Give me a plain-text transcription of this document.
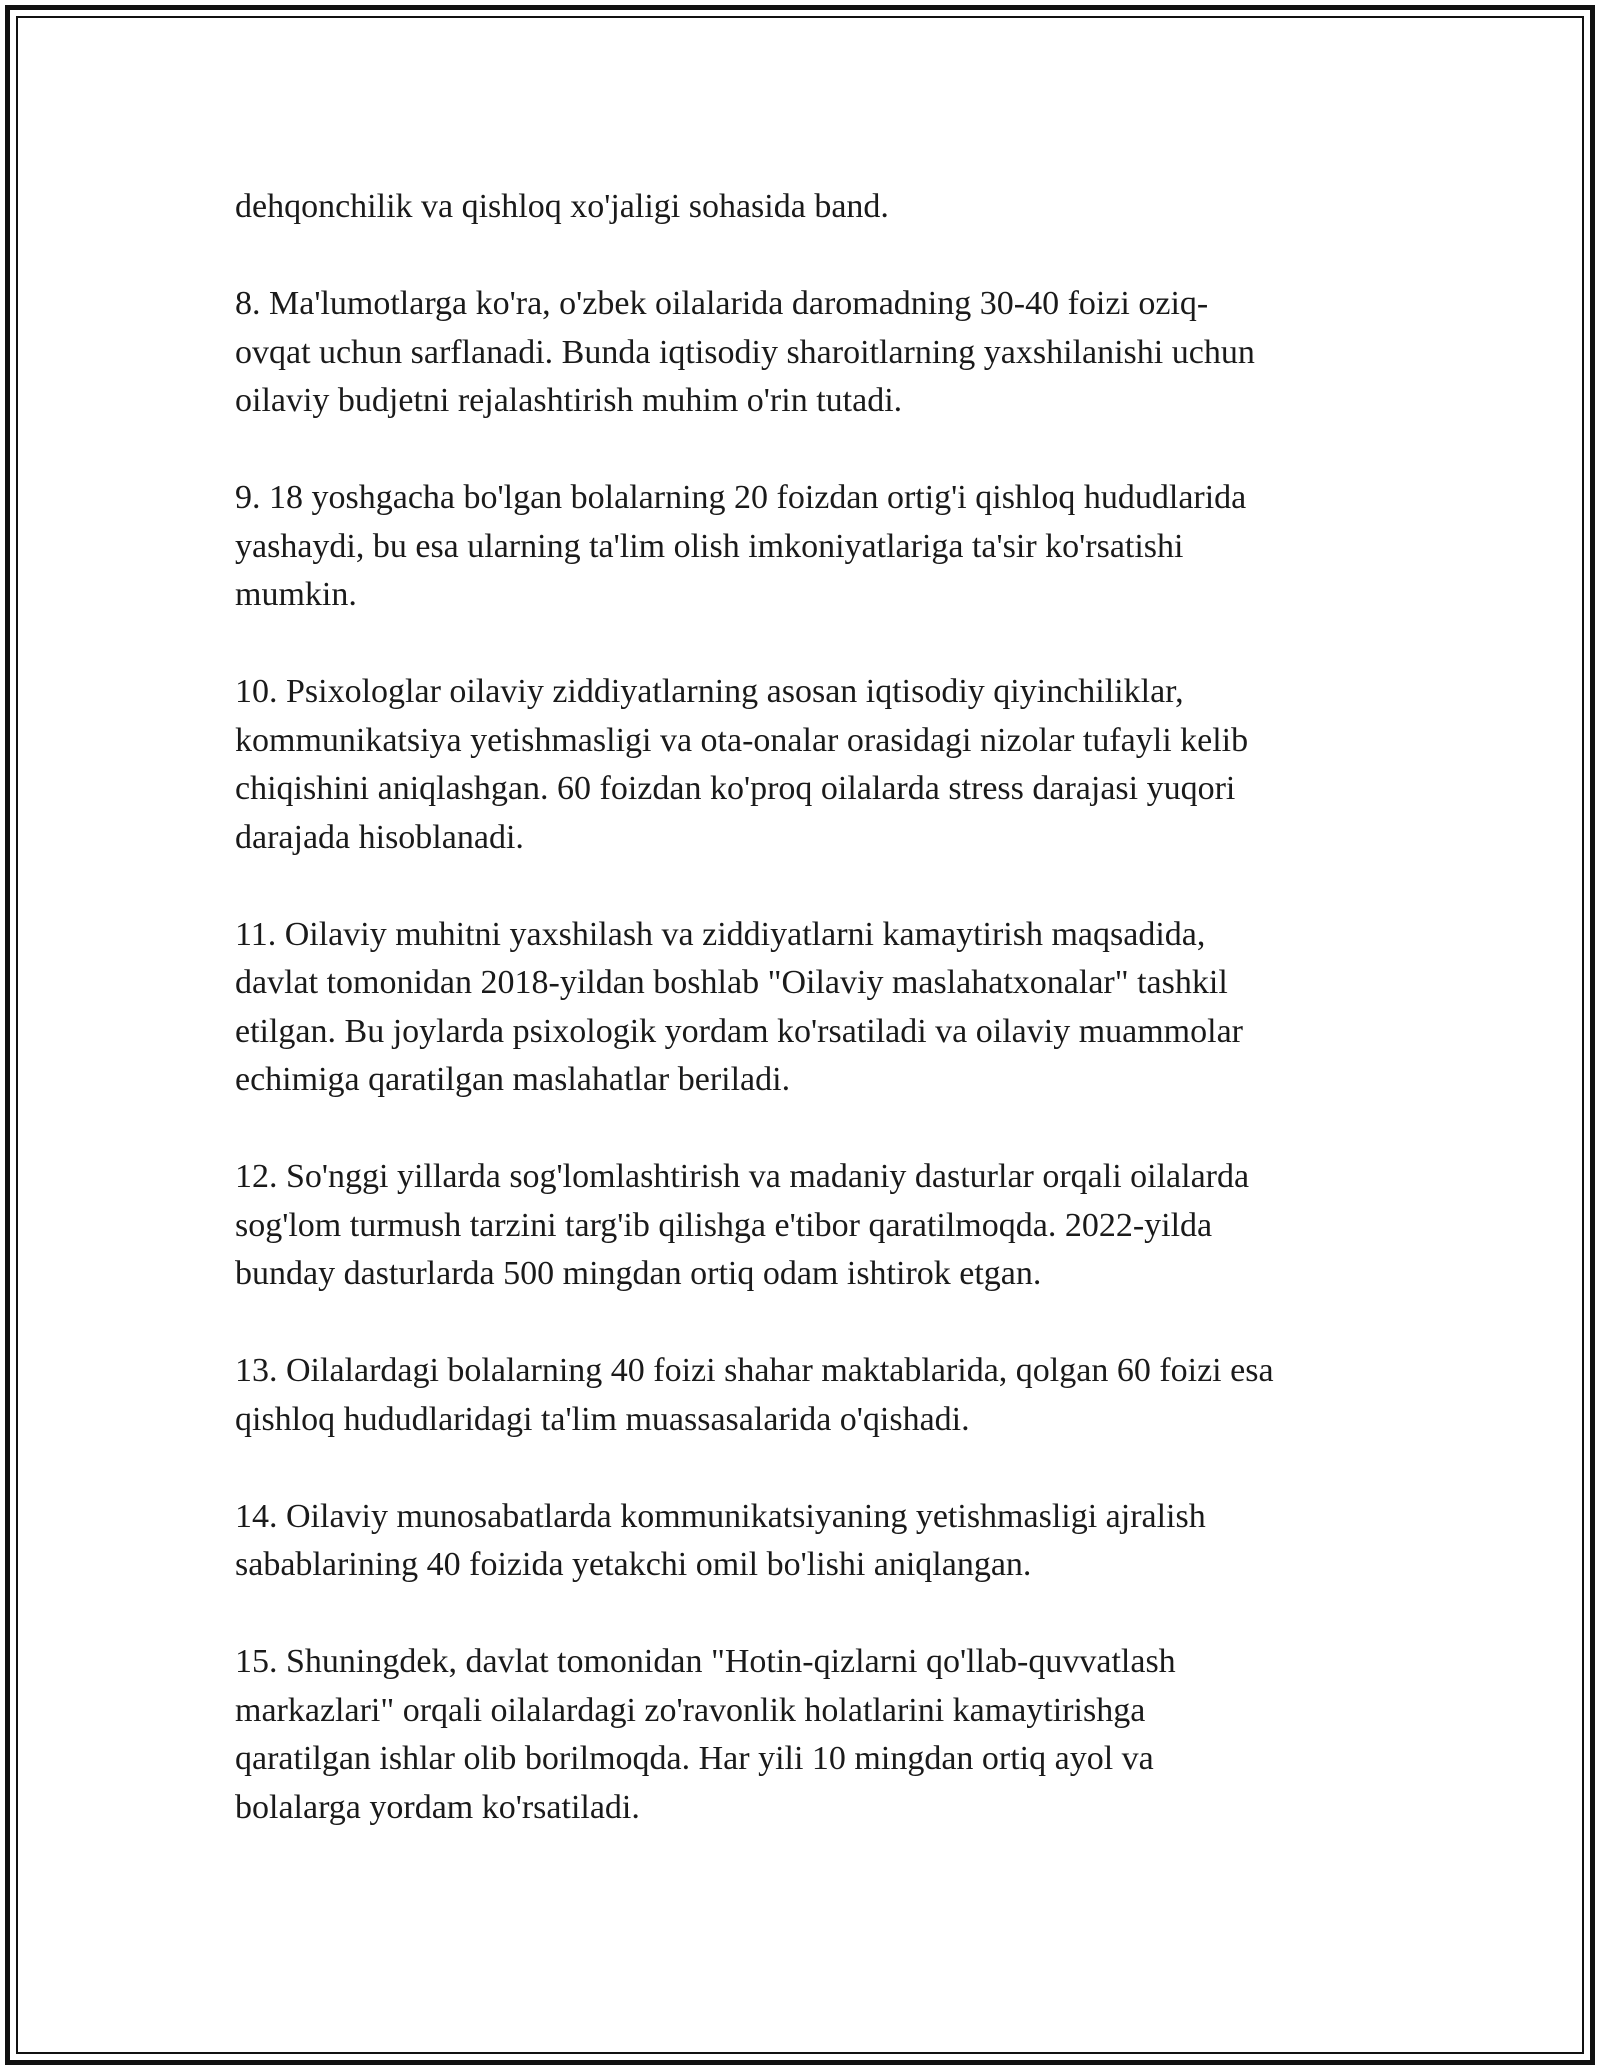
dehqonchilik va qishloq xo'jaligi sohasida band.

8. Ma'lumotlarga ko'ra, o'zbek oilalarida daromadning 30-40 foizi oziq-
ovqat uchun sarflanadi. Bunda iqtisodiy sharoitlarning yaxshilanishi uchun
oilaviy budjetni rejalashtirish muhim o'rin tutadi.

9. 18 yoshgacha bo'lgan bolalarning 20 foizdan ortig'i qishloq hududlarida
yashaydi, bu esa ularning ta'lim olish imkoniyatlariga ta'sir ko'rsatishi
mumkin.

10. Psixologlar oilaviy ziddiyatlarning asosan iqtisodiy qiyinchiliklar,
kommunikatsiya yetishmasligi va ota-onalar orasidagi nizolar tufayli kelib
chiqishini aniqlashgan. 60 foizdan ko'proq oilalarda stress darajasi yuqori
darajada hisoblanadi.

11. Oilaviy muhitni yaxshilash va ziddiyatlarni kamaytirish maqsadida,
davlat tomonidan 2018-yildan boshlab "Oilaviy maslahatxonalar" tashkil
etilgan. Bu joylarda psixologik yordam ko'rsatiladi va oilaviy muammolar
echimiga qaratilgan maslahatlar beriladi.

12. So'nggi yillarda sog'lomlashtirish va madaniy dasturlar orqali oilalarda
sog'lom turmush tarzini targ'ib qilishga e'tibor qaratilmoqda. 2022-yilda
bunday dasturlarda 500 mingdan ortiq odam ishtirok etgan.

13. Oilalardagi bolalarning 40 foizi shahar maktablarida, qolgan 60 foizi esa
qishloq hududlaridagi ta'lim muassasalarida o'qishadi.

14. Oilaviy munosabatlarda kommunikatsiyaning yetishmasligi ajralish
sabablarining 40 foizida yetakchi omil bo'lishi aniqlangan.

15. Shuningdek, davlat tomonidan "Hotin-qizlarni qo'llab-quvvatlash
markazlari" orqali oilalardagi zo'ravonlik holatlarini kamaytirishga
qaratilgan ishlar olib borilmoqda. Har yili 10 mingdan ortiq ayol va
bolalarga yordam ko'rsatiladi.
